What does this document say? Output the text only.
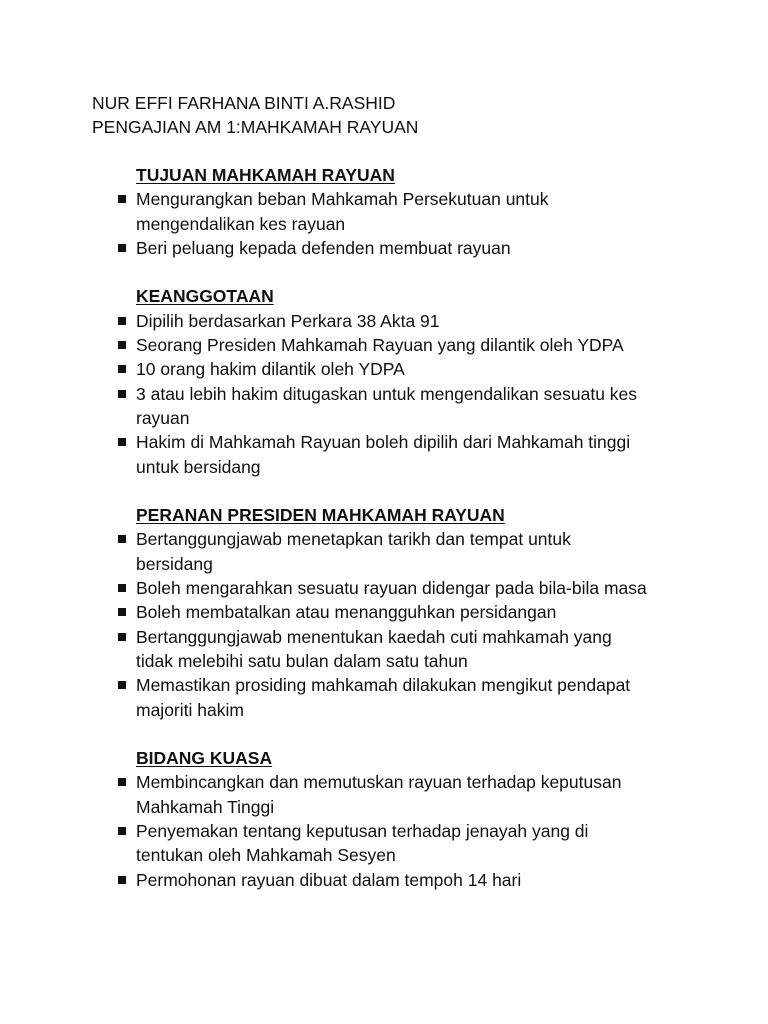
NUR EFFI FARHANA BINTI A.RASHID
PENGAJIAN AM 1:MAHKAMAH RAYUAN
TUJUAN MAHKAMAH RAYUAN
Mengurangkan beban Mahkamah Persekutuan untuk
mengendalikan kes rayuan
Beri peluang kepada defenden membuat rayuan
KEANGGOTAAN
Dipilih berdasarkan Perkara 38 Akta 91
Seorang Presiden Mahkamah Rayuan yang dilantik oleh YDPA
10 orang hakim dilantik oleh YDPA
3 atau lebih hakim ditugaskan untuk mengendalikan sesuatu kes
rayuan
Hakim di Mahkamah Rayuan boleh dipilih dari Mahkamah tinggi
untuk bersidang
PERANAN PRESIDEN MAHKAMAH RAYUAN
Bertanggungjawab menetapkan tarikh dan tempat untuk
bersidang
Boleh mengarahkan sesuatu rayuan didengar pada bila-bila masa
Boleh membatalkan atau menangguhkan persidangan
Bertanggungjawab menentukan kaedah cuti mahkamah yang
tidak melebihi satu bulan dalam satu tahun
Memastikan prosiding mahkamah dilakukan mengikut pendapat
majoriti hakim
BIDANG KUASA
Membincangkan dan memutuskan rayuan terhadap keputusan
Mahkamah Tinggi
Penyemakan tentang keputusan terhadap jenayah yang di
tentukan oleh Mahkamah Sesyen
Permohonan rayuan dibuat dalam tempoh 14 hari
